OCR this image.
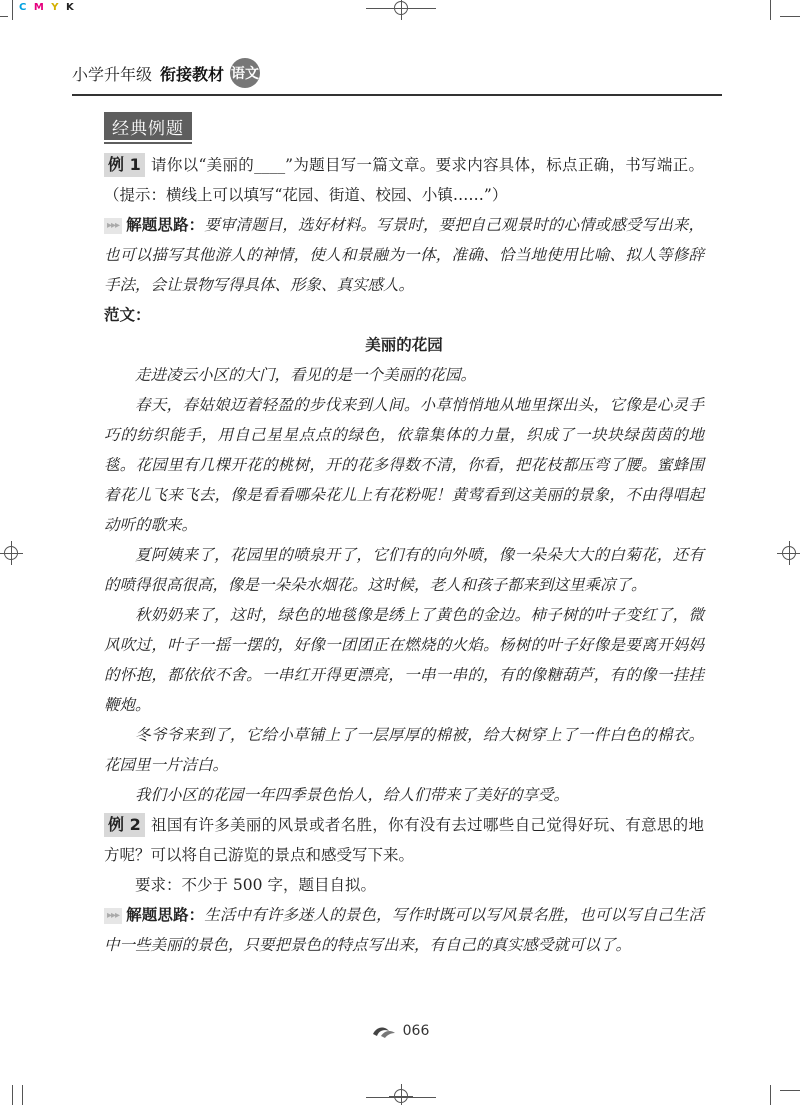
C M Y K
小学升年级 衔接教材 语文
经典例题
例 1 请你以“美丽的____”为题目写一篇文章。要求内容具体，标点正确，书写端正。（提示：横线上可以填写“花园、街道、校园、小镇……”）
▸▸▸ 解题思路：要审清题目，选好材料。写景时，要把自己观景时的心情或感受写出来，也可以描写其他游人的神情，使人和景融为一体，准确、恰当地使用比喻、拟人等修辞手法，会让景物写得具体、形象、真实感人。
范文：
美丽的花园
走进凌云小区的大门，看见的是一个美丽的花园。
春天，春姑娘迈着轻盈的步伐来到人间。小草悄悄地从地里探出头，它像是心灵手巧的纺织能手，用自己星星点点的绿色，依靠集体的力量，织成了一块块绿茵茵的地毯。花园里有几棵开花的桃树，开的花多得数不清，你看，把花枝都压弯了腰。蜜蜂围着花儿飞来飞去，像是看看哪朵花儿上有花粉呢！黄莺看到这美丽的景象，不由得唱起动听的歌来。
夏阿姨来了，花园里的喷泉开了，它们有的向外喷，像一朵朵大大的白菊花，还有的喷得很高很高，像是一朵朵水烟花。这时候，老人和孩子都来到这里乘凉了。
秋奶奶来了，这时，绿色的地毯像是绣上了黄色的金边。柿子树的叶子变红了，微风吹过，叶子一摇一摆的，好像一团团正在燃烧的火焰。杨树的叶子好像是要离开妈妈的怀抱，都依依不舍。一串红开得更漂亮，一串一串的，有的像糖葫芦，有的像一挂挂鞭炮。
冬爷爷来到了，它给小草铺上了一层厚厚的棉被，给大树穿上了一件白色的棉衣。花园里一片洁白。
我们小区的花园一年四季景色怡人，给人们带来了美好的享受。
例 2 祖国有许多美丽的风景或者名胜，你有没有去过哪些自己觉得好玩、有意思的地方呢？可以将自己游览的景点和感受写下来。
要求：不少于 500 字，题目自拟。
▸▸▸ 解题思路：生活中有许多迷人的景色，写作时既可以写风景名胜，也可以写自己生活中一些美丽的景色，只要把景色的特点写出来，有自己的真实感受就可以了。
066
